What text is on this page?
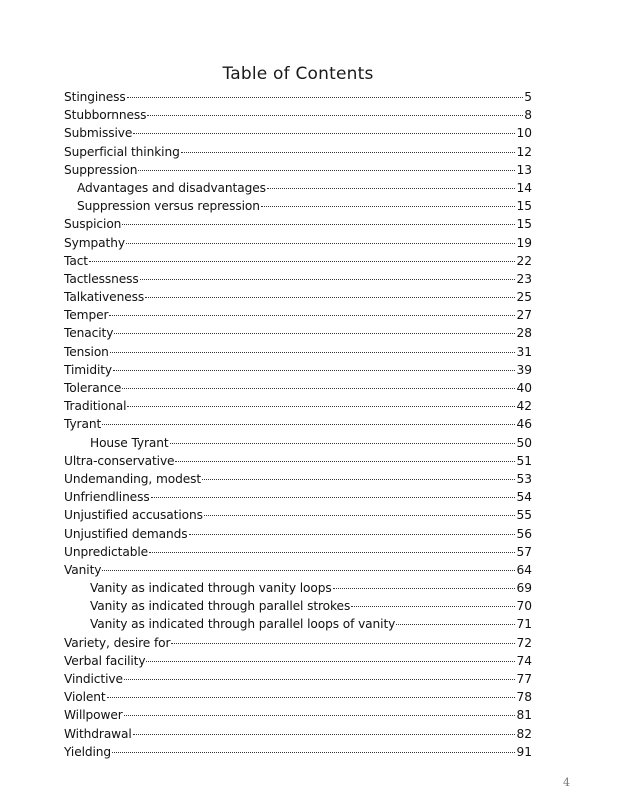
Table of Contents
Stinginess	5
Stubbornness	8
Submissive	10
Superficial thinking	12
Suppression	13
Advantages and disadvantages	14
Suppression versus repression	15
Suspicion	15
Sympathy	19
Tact	22
Tactlessness	23
Talkativeness	25
Temper	27
Tenacity	28
Tension	31
Timidity	39
Tolerance	40
Traditional	42
Tyrant	46
House Tyrant	50
Ultra-conservative	51
Undemanding, modest	53
Unfriendliness	54
Unjustified accusations	55
Unjustified demands	56
Unpredictable	57
Vanity	64
Vanity as indicated through vanity loops	69
Vanity as indicated through parallel strokes	70
Vanity as indicated through parallel loops of vanity	71
Variety, desire for	72
Verbal facility	74
Vindictive	77
Violent	78
Willpower	81
Withdrawal	82
Yielding	91
4
